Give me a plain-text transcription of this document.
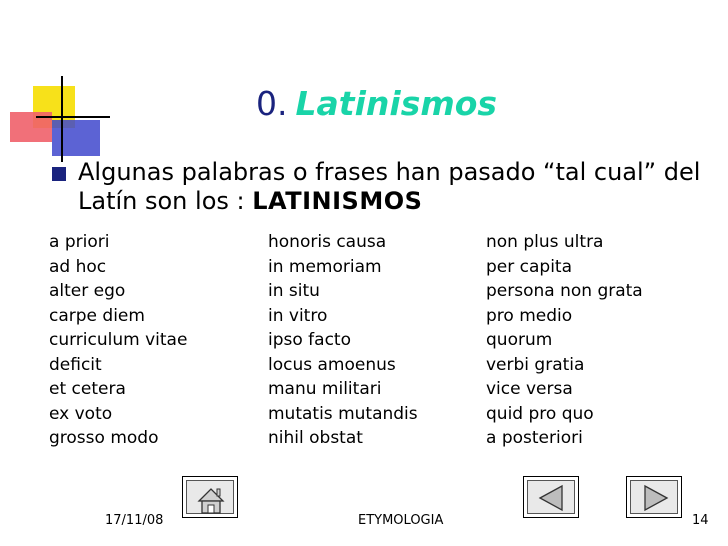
0. Latinismos
Algunas palabras o frases han pasado “tal cual” del Latín son los : LATINISMOS
a priori
ad hoc
alter ego
carpe diem
curriculum vitae
deficit
et cetera
ex voto
grosso modo
honoris causa
in memoriam
in situ
in vitro
ipso facto
locus amoenus
manu militari
mutatis mutandis
nihil obstat
non plus ultra
per capita
persona non grata
pro medio
quorum
verbi gratia
vice versa
quid pro quo
a posteriori
17/11/08	ETYMOLOGIA	14
